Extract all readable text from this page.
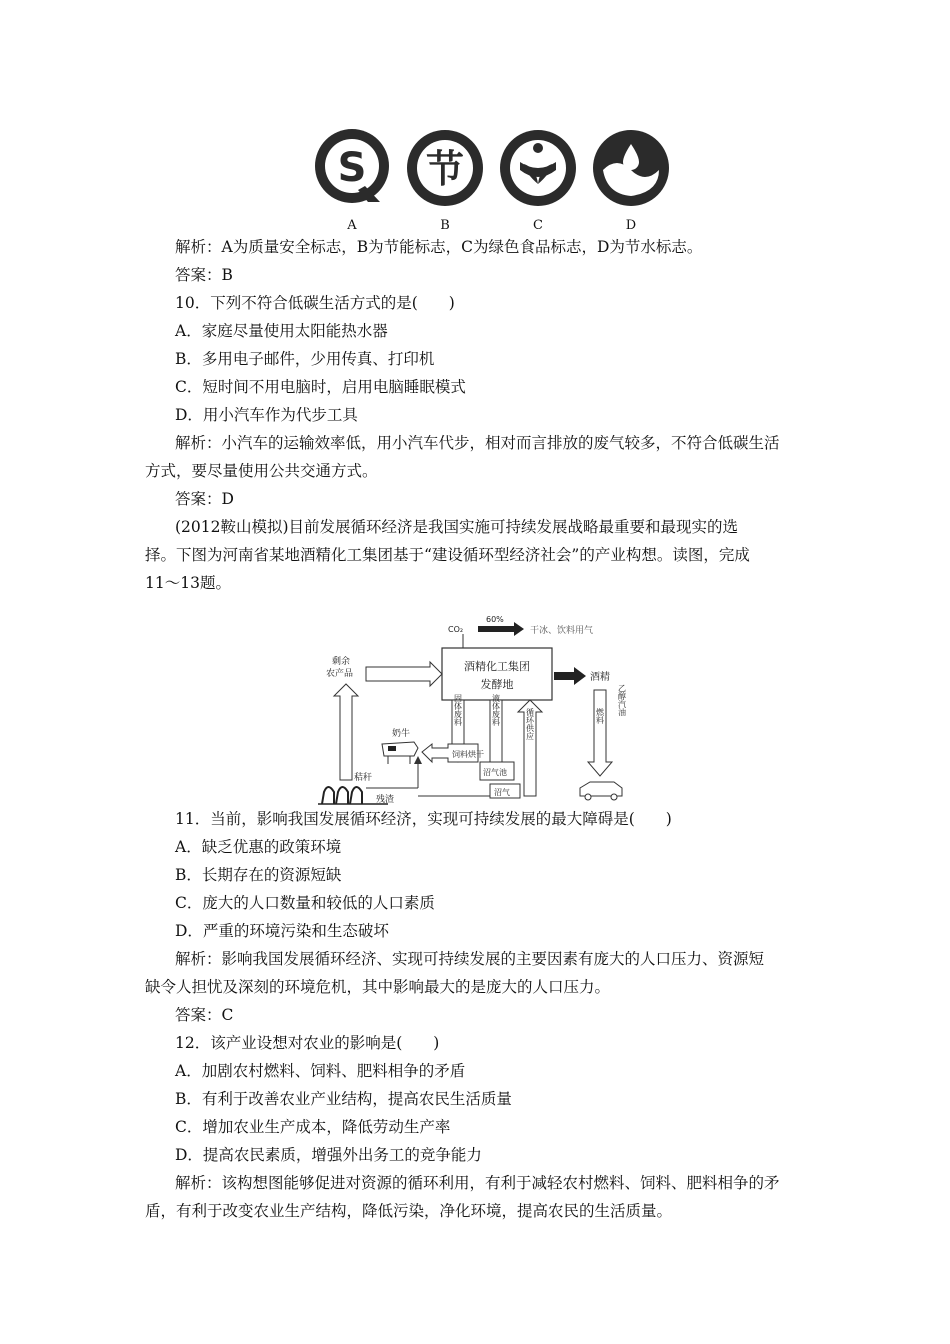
S 节
A	B	C	D
解析：A为质量安全标志，B为节能标志，C为绿色食品标志，D为节水标志。
答案：B
10．下列不符合低碳生活方式的是(　　)
A．家庭尽量使用太阳能热水器
B．多用电子邮件，少用传真、打印机
C．短时间不用电脑时，启用电脑睡眠模式
D．用小汽车作为代步工具
解析：小汽车的运输效率低，用小汽车代步，相对而言排放的废气较多，不符合低碳生活
方式，要尽量使用公共交通方式。
答案：D
(2012鞍山模拟)目前发展循环经济是我国实施可持续发展战略最重要和最现实的选
择。下图为河南省某地酒精化工集团基于“建设循环型经济社会”的产业构想。读图，完成
11～13题。
酒精化工集团
发酵地
CO₂
60%
干冰、饮料用气
剩余
农产品	酒精
燃料 乙醇汽油
固体废料	液体废料	循环供应
奶牛
饲料烘干
沼气池
秸秆
残渣
沼气
11．当前，影响我国发展循环经济，实现可持续发展的最大障碍是(　　)
A．缺乏优惠的政策环境
B．长期存在的资源短缺
C．庞大的人口数量和较低的人口素质
D．严重的环境污染和生态破坏
解析：影响我国发展循环经济、实现可持续发展的主要因素有庞大的人口压力、资源短
缺令人担忧及深刻的环境危机，其中影响最大的是庞大的人口压力。
答案：C
12．该产业设想对农业的影响是(　　)
A．加剧农村燃料、饲料、肥料相争的矛盾
B．有利于改善农业产业结构，提高农民生活质量
C．增加农业生产成本，降低劳动生产率
D．提高农民素质，增强外出务工的竞争能力
解析：该构想图能够促进对资源的循环利用，有利于减轻农村燃料、饲料、肥料相争的矛
盾，有利于改变农业生产结构，降低污染，净化环境，提高农民的生活质量。
